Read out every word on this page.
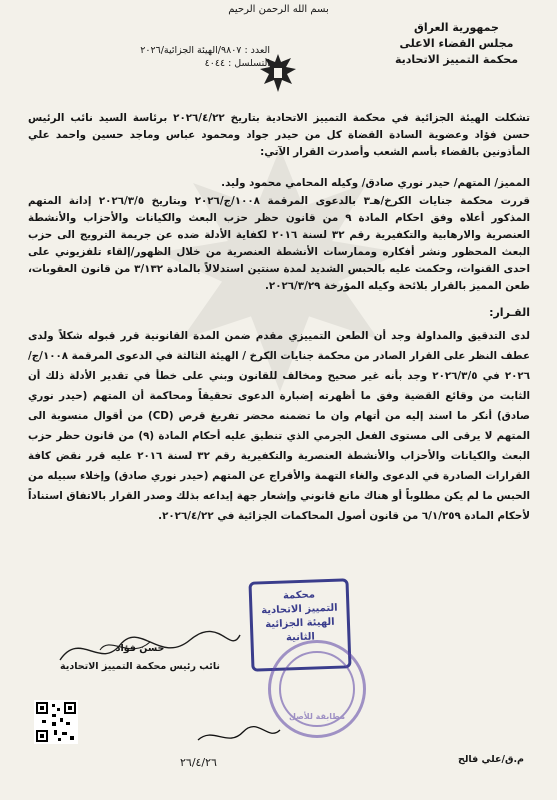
بسم الله الرحمن الرحيم
جمهورية العراق
مجلس القضاء الاعلى
محكمة التمييز الاتحادية
العدد : ٩٨٠٧/الهيئة الجزائية/٢٠٢٦
التسلسل : ٤٠٤٤
تشكلت الهيئة الجزائية في محكمة التمييز الاتحادية بتاريخ ٢٠٢٦/٤/٢٢ برئاسة السيد نائب الرئيس حسن فؤاد وعضوية السادة القضاة كل من حيدر جواد ومحمود عباس وماجد حسين واحمد علي المأذونين بالقضاء بأسم الشعب وأصدرت القرار الآتي:
المميز/ المتهم/ حيدر نوري صادق/ وكيله المحامي محمود وليد.
قررت محكمة جنايات الكرخ/هـ٣ بالدعوى المرقمة ١٠٠٨/ج/٢٠٢٦ وبتاريخ ٢٠٢٦/٣/٥ إدانة المتهم المذكور أعلاه وفق احكام المادة ٩ من قانون حظر حزب البعث والكيانات والأحزاب والأنشطة العنصرية والارهابية والتكفيرية رقم ٣٢ لسنة ٢٠١٦ لكفاية الأدلة ضده عن جريمة الترويج الى حزب البعث المحظور ونشر أفكاره وممارسات الأنشطة العنصرية من خلال الظهور/إلقاء تلفزيوني على احدى القنوات، وحكمت عليه بالحبس الشديد لمدة سنتين استدلالاً بالمادة ٣/١٣٢ من قانون العقوبات، طعن المميز بالقرار بلائحة وكيله المؤرخة ٢٠٢٦/٣/٢٩.
القـرار:
لدى التدقيق والمداولة وجد أن الطعن التمييزي مقدم ضمن المدة القانونية قرر قبوله شكلاً ولدى عطف النظر على القرار الصادر من محكمة جنايات الكرخ / الهيئة الثالثة في الدعوى المرقمة ١٠٠٨/ج/٢٠٢٦ في ٢٠٢٦/٣/٥ وجد بأنه غير صحيح ومخالف للقانون وبني على خطأ في تقدير الأدلة ذلك أن الثابت من وقائع القضية وفق ما أظهرته إضبارة الدعوى تحقيقاً ومحاكمة أن المتهم (حيدر نوري صادق) أنكر ما اسند إليه من أتهام وان ما تضمنه محضر تفريغ قرص (CD) من أقوال منسوبة الى المتهم لا يرقى الى مستوى الفعل الجرمي الذي تنطبق عليه أحكام المادة (٩) من قانون حظر حزب البعث والكيانات والأحزاب والأنشطة العنصرية والتكفيرية رقم ٣٢ لسنة ٢٠١٦ عليه قرر نقض كافة القرارات الصادرة في الدعوى والغاء التهمة والأفراج عن المتهم (حيدر نوري صادق) وإخلاء سبيله من الحبس ما لم يكن مطلوباً أو هناك مانع قانوني وإشعار جهة إيداعه بذلك وصدر القرار بالاتفاق استناداً لأحكام المادة ٦/١/٢٥٩ من قانون أصول المحاكمات الجزائية في ٢٠٢٦/٤/٢٢.
حسن فؤاد
نائب رئيس محكمة التمييز الاتحادية
محكمة
التمييز الاتحادية
الهيئة الجزائية الثانية
مطابقة للأصل
٢٦/٤/٢٦	م.ق/علي فالح
